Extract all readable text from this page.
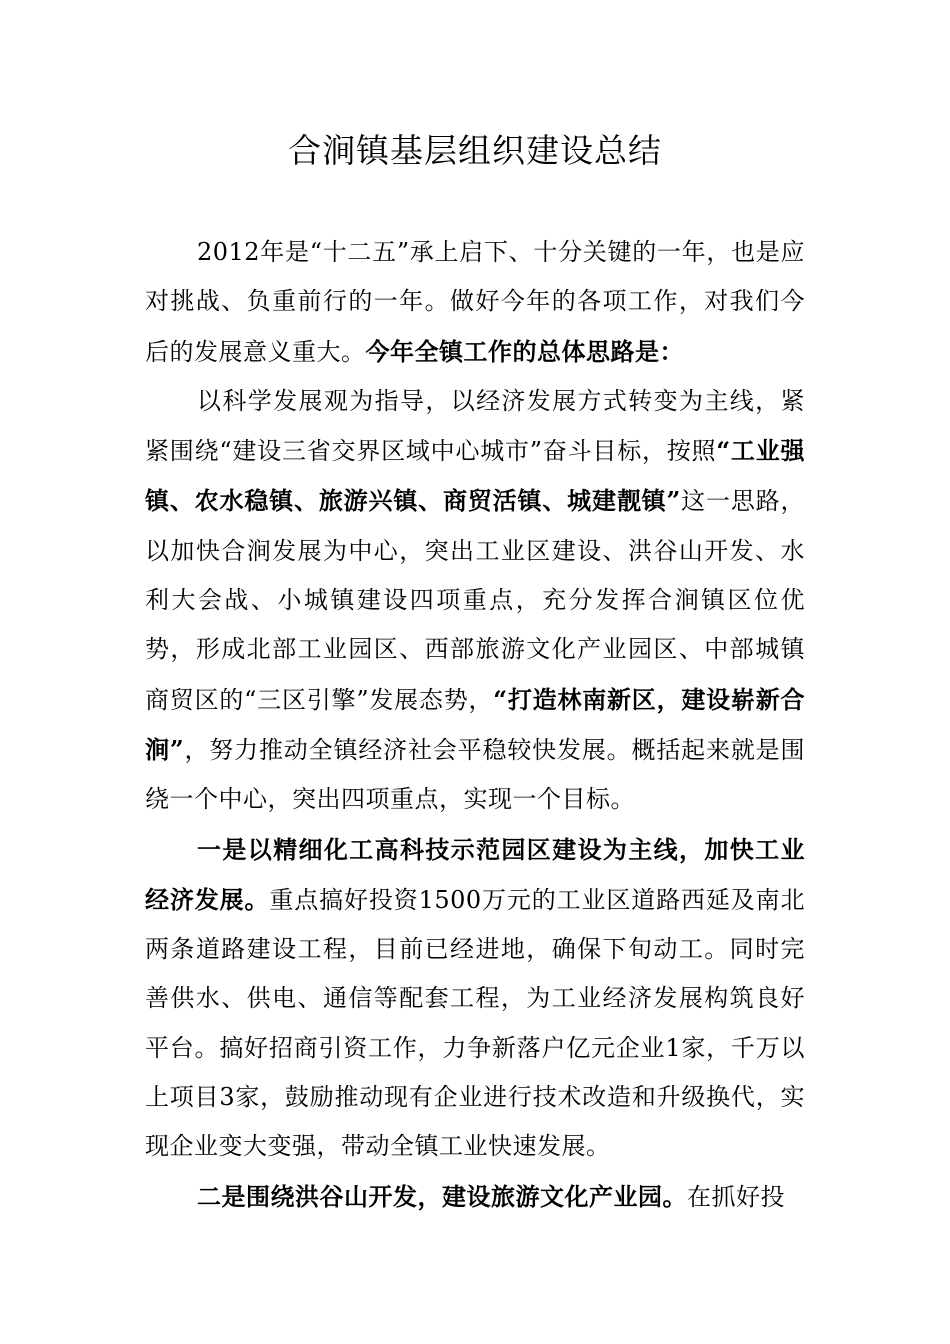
合涧镇基层组织建设总结

2012年是“十二五”承上启下、十分关键的一年，也是应对挑战、负重前行的一年。做好今年的各项工作，对我们今后的发展意义重大。今年全镇工作的总体思路是：

以科学发展观为指导，以经济发展方式转变为主线，紧紧围绕“建设三省交界区域中心城市”奋斗目标，按照“工业强镇、农水稳镇、旅游兴镇、商贸活镇、城建靓镇”这一思路，以加快合涧发展为中心，突出工业区建设、洪谷山开发、水利大会战、小城镇建设四项重点，充分发挥合涧镇区位优势，形成北部工业园区、西部旅游文化产业园区、中部城镇商贸区的“三区引擎”发展态势，“打造林南新区，建设崭新合涧”，努力推动全镇经济社会平稳较快发展。概括起来就是围绕一个中心，突出四项重点，实现一个目标。

一是以精细化工高科技示范园区建设为主线，加快工业经济发展。重点搞好投资1500万元的工业区道路西延及南北两条道路建设工程，目前已经进地，确保下旬动工。同时完善供水、供电、通信等配套工程，为工业经济发展构筑良好平台。搞好招商引资工作，力争新落户亿元企业1家，千万以上项目3家，鼓励推动现有企业进行技术改造和升级换代，实现企业变大变强，带动全镇工业快速发展。

二是围绕洪谷山开发，建设旅游文化产业园。在抓好投
